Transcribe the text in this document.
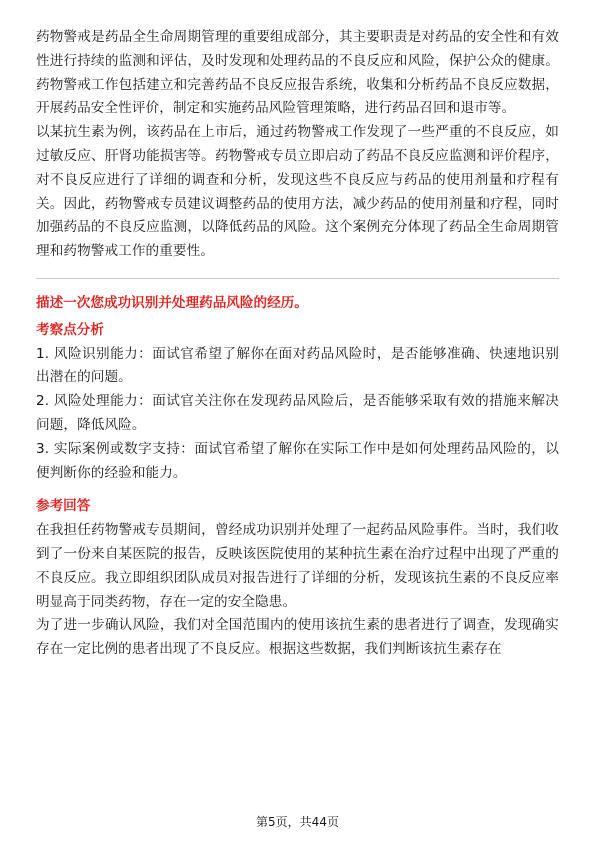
药物警戒是药品全生命周期管理的重要组成部分，其主要职责是对药品的安全性和有效性进行持续的监测和评估，及时发现和处理药品的不良反应和风险，保护公众的健康。药物警戒工作包括建立和完善药品不良反应报告系统，收集和分析药品不良反应数据，开展药品安全性评价，制定和实施药品风险管理策略，进行药品召回和退市等。

以某抗生素为例，该药品在上市后，通过药物警戒工作发现了一些严重的不良反应，如过敏反应、肝肾功能损害等。药物警戒专员立即启动了药品不良反应监测和评价程序，对不良反应进行了详细的调查和分析，发现这些不良反应与药品的使用剂量和疗程有关。因此，药物警戒专员建议调整药品的使用方法，减少药品的使用剂量和疗程，同时加强药品的不良反应监测，以降低药品的风险。这个案例充分体现了药品全生命周期管理和药物警戒工作的重要性。

描述一次您成功识别并处理药品风险的经历。
考察点分析

1. 风险识别能力：面试官希望了解你在面对药品风险时，是否能够准确、快速地识别出潜在的问题。

2. 风险处理能力：面试官关注你在发现药品风险后，是否能够采取有效的措施来解决问题，降低风险。

3. 实际案例或数字支持：面试官希望了解你在实际工作中是如何处理药品风险的，以便判断你的经验和能力。

参考回答

在我担任药物警戒专员期间，曾经成功识别并处理了一起药品风险事件。当时，我们收到了一份来自某医院的报告，反映该医院使用的某种抗生素在治疗过程中出现了严重的不良反应。我立即组织团队成员对报告进行了详细的分析，发现该抗生素的不良反应率明显高于同类药物，存在一定的安全隐患。

为了进一步确认风险，我们对全国范围内的使用该抗生素的患者进行了调查，发现确实存在一定比例的患者出现了不良反应。根据这些数据，我们判断该抗生素存在

第5页，共44页
